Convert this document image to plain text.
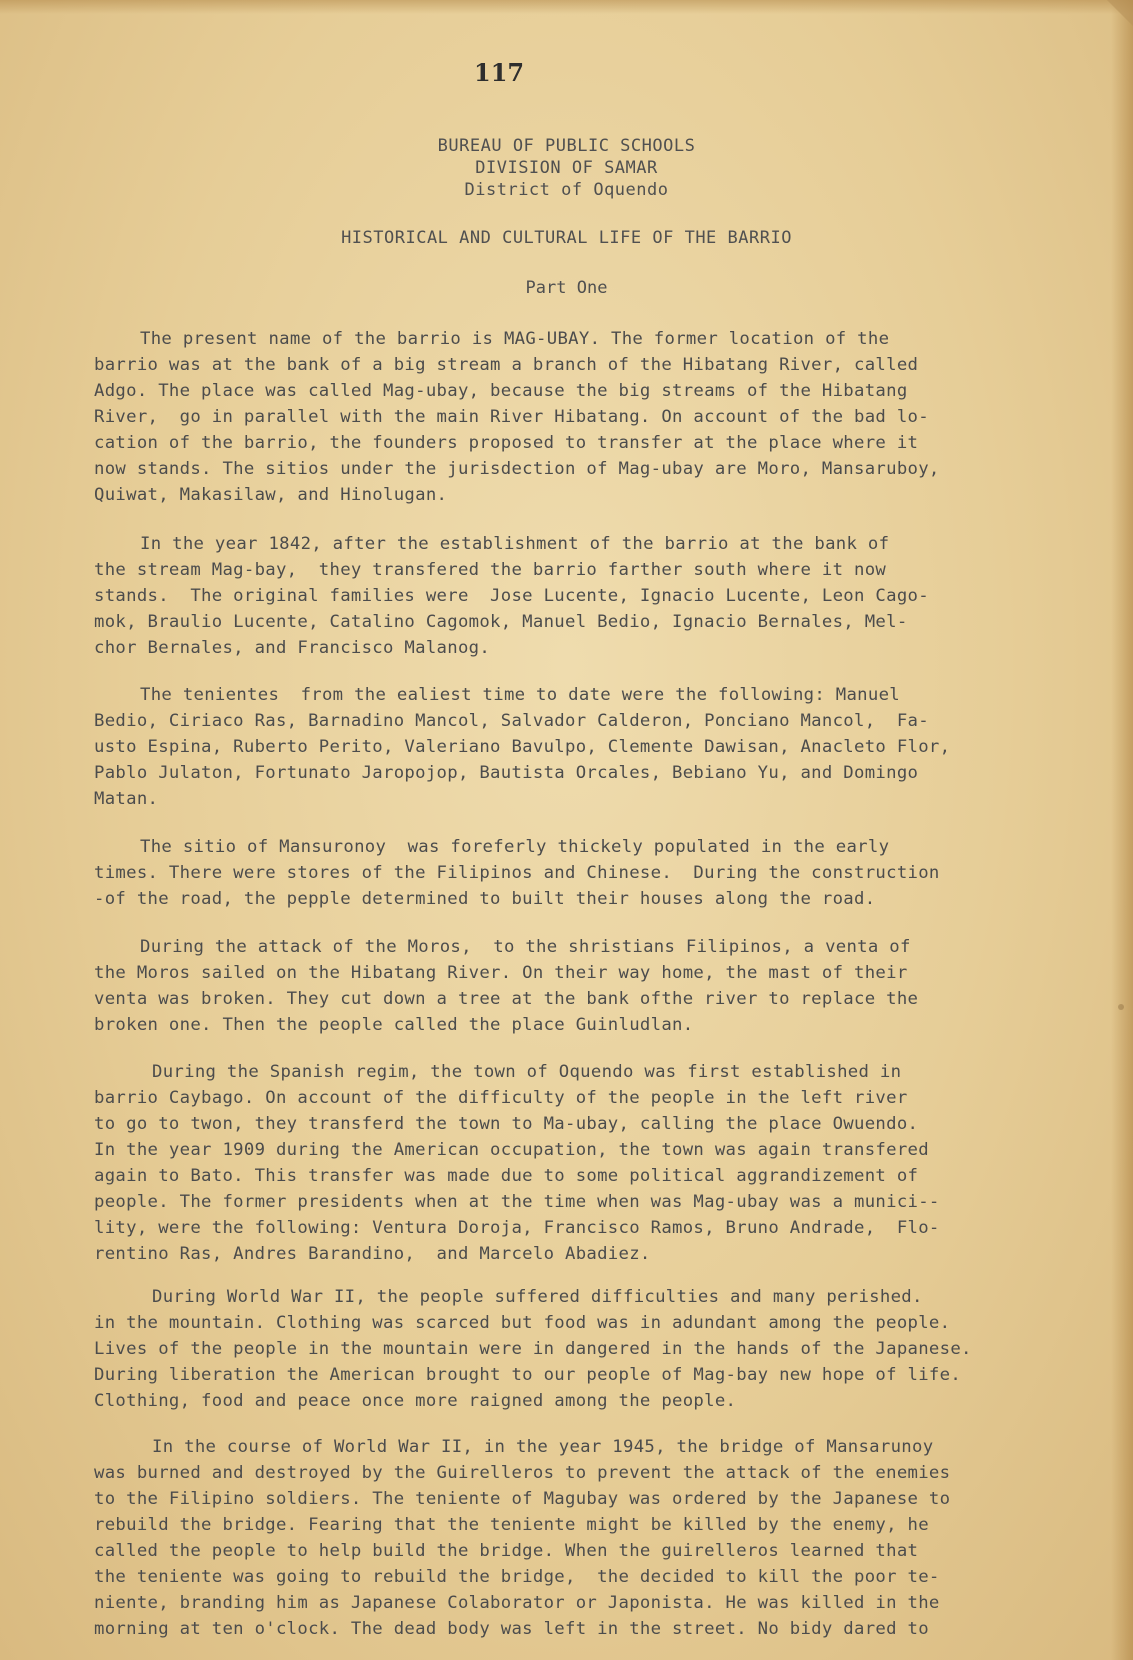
117
BUREAU OF PUBLIC SCHOOLS
DIVISION OF SAMAR
District of Oquendo
HISTORICAL AND CULTURAL LIFE OF THE BARRIO
Part One
The present name of the barrio is MAG-UBAY. The former location of the
barrio was at the bank of a big stream a branch of the Hibatang River, called
Adgo. The place was called Mag-ubay, because the big streams of the Hibatang
River,  go in parallel with the main River Hibatang. On account of the bad lo-
cation of the barrio, the founders proposed to transfer at the place where it
now stands. The sitios under the jurisdection of Mag-ubay are Moro, Mansaruboy,
Quiwat, Makasilaw, and Hinolugan.
In the year 1842, after the establishment of the barrio at the bank of
the stream Mag-bay,  they transfered the barrio farther south where it now
stands.  The original families were  Jose Lucente, Ignacio Lucente, Leon Cago-
mok, Braulio Lucente, Catalino Cagomok, Manuel Bedio, Ignacio Bernales, Mel-
chor Bernales, and Francisco Malanog.
The tenientes  from the ealiest time to date were the following: Manuel
Bedio, Ciriaco Ras, Barnadino Mancol, Salvador Calderon, Ponciano Mancol,  Fa-
usto Espina, Ruberto Perito, Valeriano Bavulpo, Clemente Dawisan, Anacleto Flor,
Pablo Julaton, Fortunato Jaropojop, Bautista Orcales, Bebiano Yu, and Domingo
Matan.
The sitio of Mansuronoy  was foreferly thickely populated in the early
times. There were stores of the Filipinos and Chinese.  During the construction
-of the road, the pepple determined to built their houses along the road.
During the attack of the Moros,  to the shristians Filipinos, a venta of
the Moros sailed on the Hibatang River. On their way home, the mast of their
venta was broken. They cut down a tree at the bank ofthe river to replace the
broken one. Then the people called the place Guinludlan.
During the Spanish regim, the town of Oquendo was first established in
barrio Caybago. On account of the difficulty of the people in the left river
to go to twon, they transferd the town to Ma-ubay, calling the place Owuendo.
In the year 1909 during the American occupation, the town was again transfered
again to Bato. This transfer was made due to some political aggrandizement of
people. The former presidents when at the time when was Mag-ubay was a munici--
lity, were the following: Ventura Doroja, Francisco Ramos, Bruno Andrade,  Flo-
rentino Ras, Andres Barandino,  and Marcelo Abadiez.
During World War II, the people suffered difficulties and many perished.
in the mountain. Clothing was scarced but food was in adundant among the people.
Lives of the people in the mountain were in dangered in the hands of the Japanese.
During liberation the American brought to our people of Mag-bay new hope of life.
Clothing, food and peace once more raigned among the people.
In the course of World War II, in the year 1945, the bridge of Mansarunoy
was burned and destroyed by the Guirelleros to prevent the attack of the enemies
to the Filipino soldiers. The teniente of Magubay was ordered by the Japanese to
rebuild the bridge. Fearing that the teniente might be killed by the enemy, he
called the people to help build the bridge. When the guirelleros learned that
the teniente was going to rebuild the bridge,  the decided to kill the poor te-
niente, branding him as Japanese Colaborator or Japonista. He was killed in the
morning at ten o'clock. The dead body was left in the street. No bidy dared to
